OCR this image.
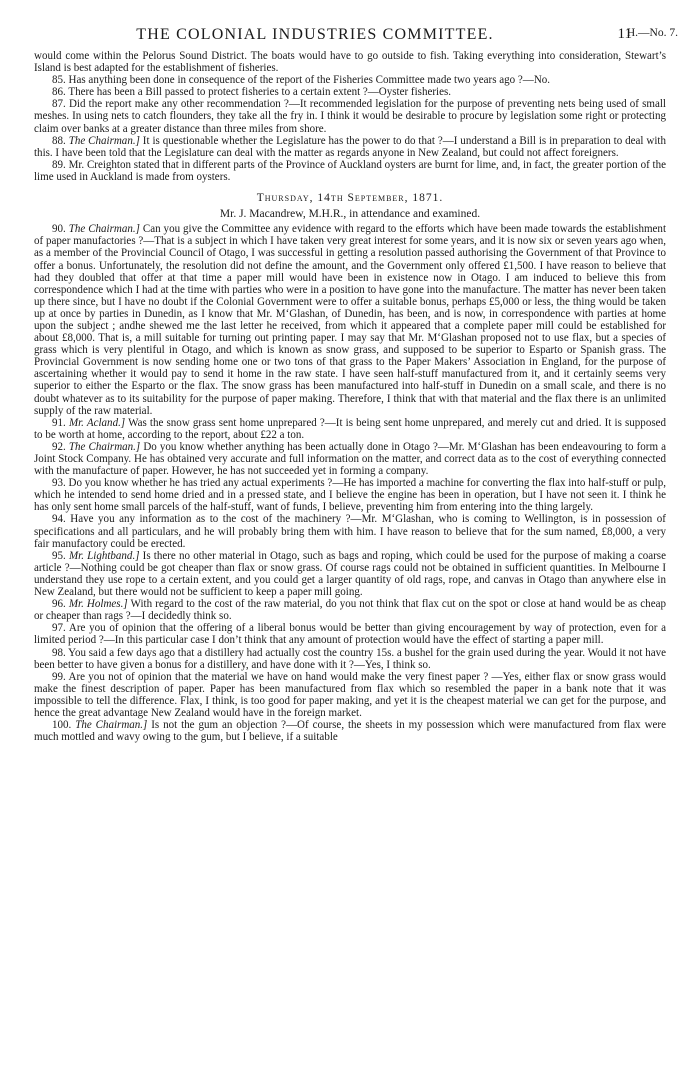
THE COLONIAL INDUSTRIES COMMITTEE.	11
H.—No. 7.

would come within the Pelorus Sound District. The boats would have to go outside to fish. Taking everything into consideration, Stewart’s Island is best adapted for the establishment of fisheries.

85. Has anything been done in consequence of the report of the Fisheries Committee made two years ago ?—No.

86. There has been a Bill passed to protect fisheries to a certain extent ?—Oyster fisheries.

87. Did the report make any other recommendation ?—It recommended legislation for the purpose of preventing nets being used of small meshes. In using nets to catch flounders, they take all the fry in. I think it would be desirable to procure by legislation some right or protecting claim over banks at a greater distance than three miles from shore.

88. The Chairman.] It is questionable whether the Legislature has the power to do that ?—I understand a Bill is in preparation to deal with this. I have been told that the Legislature can deal with the matter as regards anyone in New Zealand, but could not affect foreigners.

89. Mr. Creighton stated that in different parts of the Province of Auckland oysters are burnt for lime, and, in fact, the greater portion of the lime used in Auckland is made from oysters.

Thursday, 14th September, 1871.
Mr. J. Macandrew, M.H.R., in attendance and examined.

90. The Chairman.] Can you give the Committee any evidence with regard to the efforts which have been made towards the establishment of paper manufactories ?—That is a subject in which I have taken very great interest for some years, and it is now six or seven years ago when, as a member of the Provincial Council of Otago, I was successful in getting a resolution passed authorising the Government of that Province to offer a bonus. Unfortunately, the resolution did not define the amount, and the Government only offered £1,500. I have reason to believe that had they doubled that offer at that time a paper mill would have been in existence now in Otago. I am induced to believe this from correspondence which I had at the time with parties who were in a position to have gone into the manufacture. The matter has never been taken up there since, but I have no doubt if the Colonial Government were to offer a suitable bonus, perhaps £5,000 or less, the thing would be taken up at once by parties in Dunedin, as I know that Mr. M‘Glashan, of Dunedin, has been, and is now, in correspondence with parties at home upon the subject ; andhe shewed me the last letter he received, from which it appeared that a complete paper mill could be established for about £8,000. That is, a mill suitable for turning out printing paper. I may say that Mr. M‘Glashan proposed not to use flax, but a species of grass which is very plentiful in Otago, and which is known as snow grass, and supposed to be superior to Esparto or Spanish grass. The Provincial Government is now sending home one or two tons of that grass to the Paper Makers’ Association in England, for the purpose of ascertaining whether it would pay to send it home in the raw state. I have seen half-stuff manufactured from it, and it certainly seems very superior to either the Esparto or the flax. The snow grass has been manufactured into half-stuff in Dunedin on a small scale, and there is no doubt whatever as to its suitability for the purpose of paper making. Therefore, I think that with that material and the flax there is an unlimited supply of the raw material.

91. Mr. Acland.] Was the snow grass sent home unprepared ?—It is being sent home unprepared, and merely cut and dried. It is supposed to be worth at home, according to the report, about £22 a ton.

92. The Chairman.] Do you know whether anything has been actually done in Otago ?—Mr. M‘Glashan has been endeavouring to form a Joint Stock Company. He has obtained very accurate and full information on the matter, and correct data as to the cost of everything connected with the manufacture of paper. However, he has not succeeded yet in forming a company.

93. Do you know whether he has tried any actual experiments ?—He has imported a machine for converting the flax into half-stuff or pulp, which he intended to send home dried and in a pressed state, and I believe the engine has been in operation, but I have not seen it. I think he has only sent home small parcels of the half-stuff, want of funds, I believe, preventing him from entering into the thing largely.

94. Have you any information as to the cost of the machinery ?—Mr. M‘Glashan, who is coming to Wellington, is in possession of specifications and all particulars, and he will probably bring them with him. I have reason to believe that for the sum named, £8,000, a very fair manufactory could be erected.

95. Mr. Lightband.] Is there no other material in Otago, such as bags and roping, which could be used for the purpose of making a coarse article ?—Nothing could be got cheaper than flax or snow grass. Of course rags could not be obtained in sufficient quantities. In Melbourne I understand they use rope to a certain extent, and you could get a larger quantity of old rags, rope, and canvas in Otago than anywhere else in New Zealand, but there would not be sufficient to keep a paper mill going.

96. Mr. Holmes.] With regard to the cost of the raw material, do you not think that flax cut on the spot or close at hand would be as cheap or cheaper than rags ?—I decidedly think so.

97. Are you of opinion that the offering of a liberal bonus would be better than giving encouragement by way of protection, even for a limited period ?—In this particular case I don’t think that any amount of protection would have the effect of starting a paper mill.

98. You said a few days ago that a distillery had actually cost the country 15s. a bushel for the grain used during the year. Would it not have been better to have given a bonus for a distillery, and have done with it ?—Yes, I think so.

99. Are you not of opinion that the material we have on hand would make the very finest paper ? —Yes, either flax or snow grass would make the finest description of paper. Paper has been manufactured from flax which so resembled the paper in a bank note that it was impossible to tell the difference. Flax, I think, is too good for paper making, and yet it is the cheapest material we can get for the purpose, and hence the great advantage New Zealand would have in the foreign market.

100. The Chairman.] Is not the gum an objection ?—Of course, the sheets in my possession which were manufactured from flax were much mottled and wavy owing to the gum, but I believe, if a suitable
